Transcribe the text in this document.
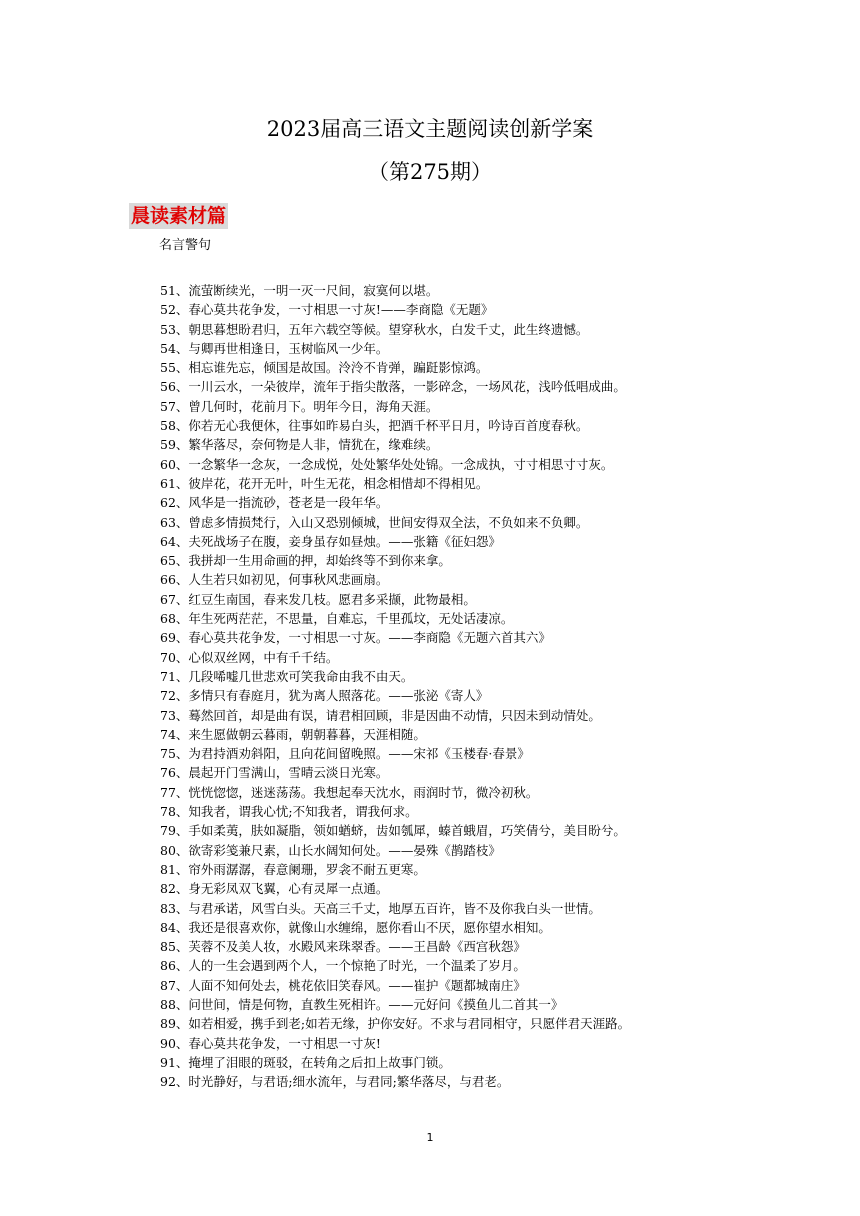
2023届高三语文主题阅读创新学案
（第275期）
晨读素材篇
名言警句
51、流萤断续光，一明一灭一尺间，寂寞何以堪。
52、春心莫共花争发，一寸相思一寸灰!——李商隐《无题》
53、朝思暮想盼君归，五年六载空等候。望穿秋水，白发千丈，此生终遗憾。
54、与卿再世相逢日，玉树临风一少年。
55、相忘谁先忘，倾国是故国。泠泠不肯弹，蹁跹影惊鸿。
56、一川云水，一朵彼岸，流年于指尖散落，一影碎念，一场风花，浅吟低唱成曲。
57、曾几何时，花前月下。明年今日，海角天涯。
58、你若无心我便休，往事如昨易白头，把酒千杯平日月，吟诗百首度春秋。
59、繁华落尽，奈何物是人非，情犹在，缘难续。
60、一念繁华一念灰，一念成悦，处处繁华处处锦。一念成执，寸寸相思寸寸灰。
61、彼岸花，花开无叶，叶生无花，相念相惜却不得相见。
62、风华是一指流砂，苍老是一段年华。
63、曾虑多情损梵行，入山又恐别倾城，世间安得双全法，不负如来不负卿。
64、夫死战场子在腹，妾身虽存如昼烛。——张籍《征妇怨》
65、我拼却一生用命画的押，却始终等不到你来拿。
66、人生若只如初见，何事秋风悲画扇。
67、红豆生南国，春来发几枝。愿君多采撷，此物最相。
68、年生死两茫茫，不思量，自难忘，千里孤坟，无处话凄凉。
69、春心莫共花争发，一寸相思一寸灰。——李商隐《无题六首其六》
70、心似双丝网，中有千千结。
71、几段唏嘘几世悲欢可笑我命由我不由天。
72、多情只有春庭月，犹为离人照落花。——张泌《寄人》
73、蓦然回首，却是曲有误，请君相回顾，非是因曲不动情，只因未到动情处。
74、来生愿做朝云暮雨，朝朝暮暮，天涯相随。
75、为君持酒劝斜阳，且向花间留晚照。——宋祁《玉楼春·春景》
76、晨起开门雪满山，雪晴云淡日光寒。
77、恍恍惚惚，迷迷荡荡。我想起奉天沈水，雨润时节，微冷初秋。
78、知我者，谓我心忧;不知我者，谓我何求。
79、手如柔荑，肤如凝脂，领如蝤蛴，齿如瓠犀，螓首蛾眉，巧笑倩兮，美目盼兮。
80、欲寄彩笺兼尺素，山长水阔知何处。——晏殊《鹊踏枝》
81、帘外雨潺潺，春意阑珊，罗衾不耐五更寒。
82、身无彩凤双飞翼，心有灵犀一点通。
83、与君承诺，风雪白头。天高三千丈，地厚五百许，皆不及你我白头一世情。
84、我还是很喜欢你，就像山水缠绵，愿你看山不厌，愿你望水相知。
85、芙蓉不及美人妆，水殿风来珠翠香。——王昌龄《西宫秋怨》
86、人的一生会遇到两个人，一个惊艳了时光，一个温柔了岁月。
87、人面不知何处去，桃花依旧笑春风。——崔护《题都城南庄》
88、问世间，情是何物，直教生死相许。——元好问《摸鱼儿二首其一》
89、如若相爱，携手到老;如若无缘，护你安好。不求与君同相守，只愿伴君天涯路。
90、春心莫共花争发，一寸相思一寸灰!
91、掩埋了泪眼的斑驳，在转角之后扣上故事门锁。
92、时光静好，与君语;细水流年，与君同;繁华落尽，与君老。
1
